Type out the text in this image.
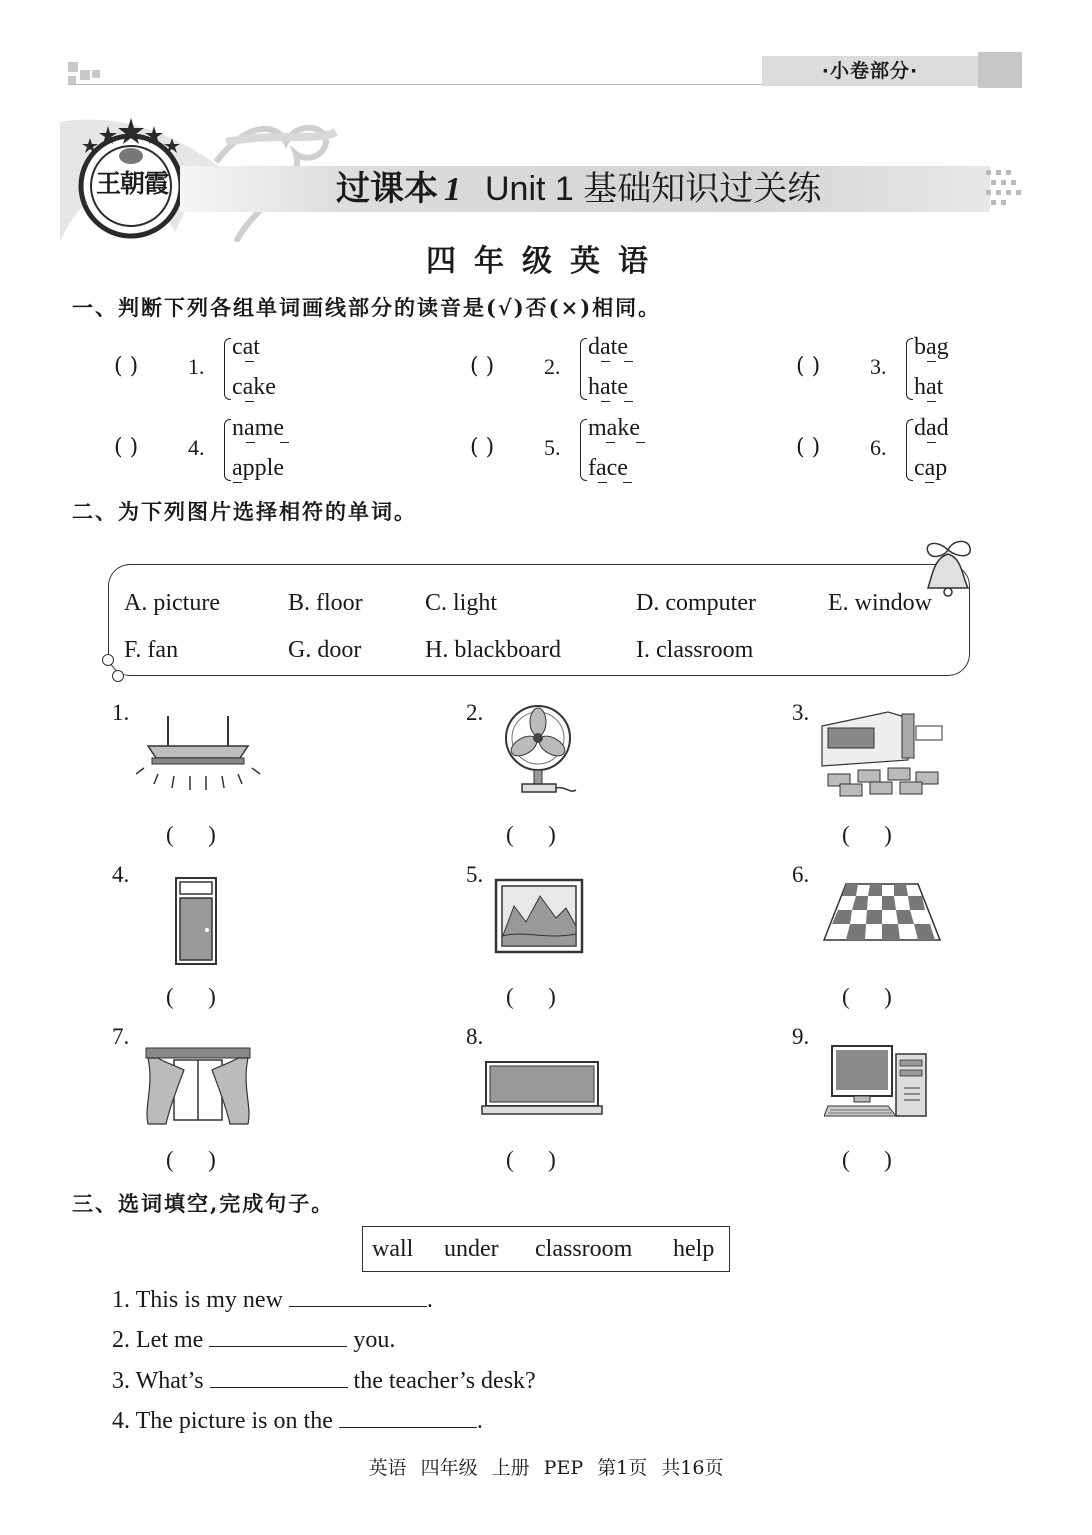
·小卷部分·
王朝霞	过课本 1 Unit 1 基础知识过关练
四年级英语
一、判断下列各组单词画线部分的读音是(√)否(×)相同。
( ) 1.
cat
cake
( ) 2.
date
hate
( ) 3.
bag
hat
( ) 4.
name
apple
( ) 5.
make
face
( ) 6.
dad
cap
二、为下列图片选择相符的单词。
A. picture	B. floor	C. light	D. computer	E. window
F. fan	G. door	H. blackboard	I. classroom
1.
(      )
2.
(      )
3.
(      )
4.
(      )
5.
(      )
6.
(      )
7.
(      )
8.
(      )
9.
(      )
三、选词填空,完成句子。
wall under classroom help
1. This is my new	.
2. Let me	you.
3. What’s	the teacher’s desk?
4. The picture is on the	.
英语 四年级 上册 PEP 第1页 共16页
